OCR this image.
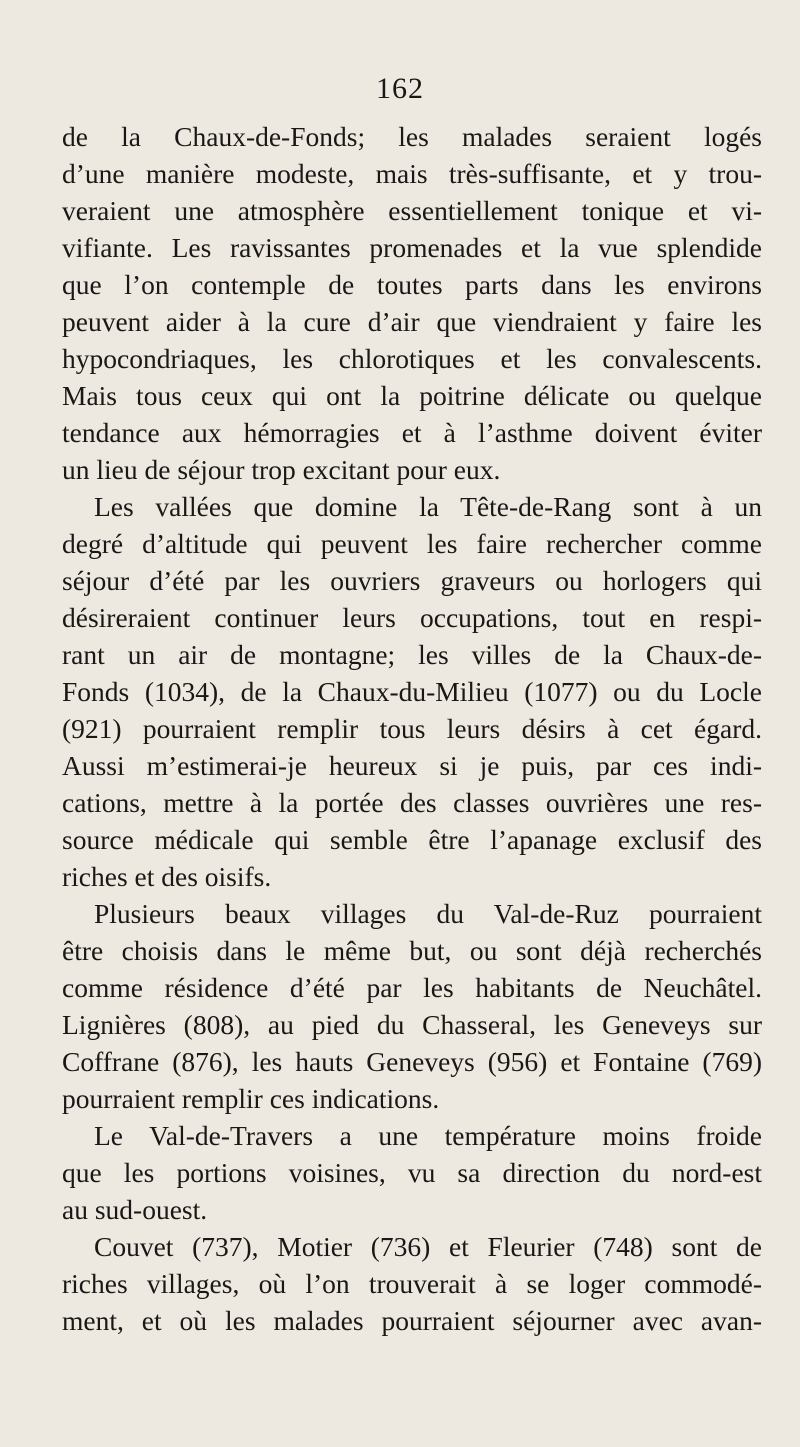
162
de la Chaux-de-Fonds; les malades seraient logés
d’une manière modeste, mais très-suffisante, et y trou-
veraient une atmosphère essentiellement tonique et vi-
vifiante. Les ravissantes promenades et la vue splendide
que l’on contemple de toutes parts dans les environs
peuvent aider à la cure d’air que viendraient y faire les
hypocondriaques, les chlorotiques et les convalescents.
Mais tous ceux qui ont la poitrine délicate ou quelque
tendance aux hémorragies et à l’asthme doivent éviter
un lieu de séjour trop excitant pour eux.
Les vallées que domine la Tête-de-Rang sont à un
degré d’altitude qui peuvent les faire rechercher comme
séjour d’été par les ouvriers graveurs ou horlogers qui
désireraient continuer leurs occupations, tout en respi-
rant un air de montagne; les villes de la Chaux-de-
Fonds (1034), de la Chaux-du-Milieu (1077) ou du Locle
(921) pourraient remplir tous leurs désirs à cet égard.
Aussi m’estimerai-je heureux si je puis, par ces indi-
cations, mettre à la portée des classes ouvrières une res-
source médicale qui semble être l’apanage exclusif des
riches et des oisifs.
Plusieurs beaux villages du Val-de-Ruz pourraient
être choisis dans le même but, ou sont déjà recherchés
comme résidence d’été par les habitants de Neuchâtel.
Lignières (808), au pied du Chasseral, les Geneveys sur
Coffrane (876), les hauts Geneveys (956) et Fontaine (769)
pourraient remplir ces indications.
Le Val-de-Travers a une température moins froide
que les portions voisines, vu sa direction du nord-est
au sud-ouest.
Couvet (737), Motier (736) et Fleurier (748) sont de
riches villages, où l’on trouverait à se loger commodé-
ment, et où les malades pourraient séjourner avec avan-
